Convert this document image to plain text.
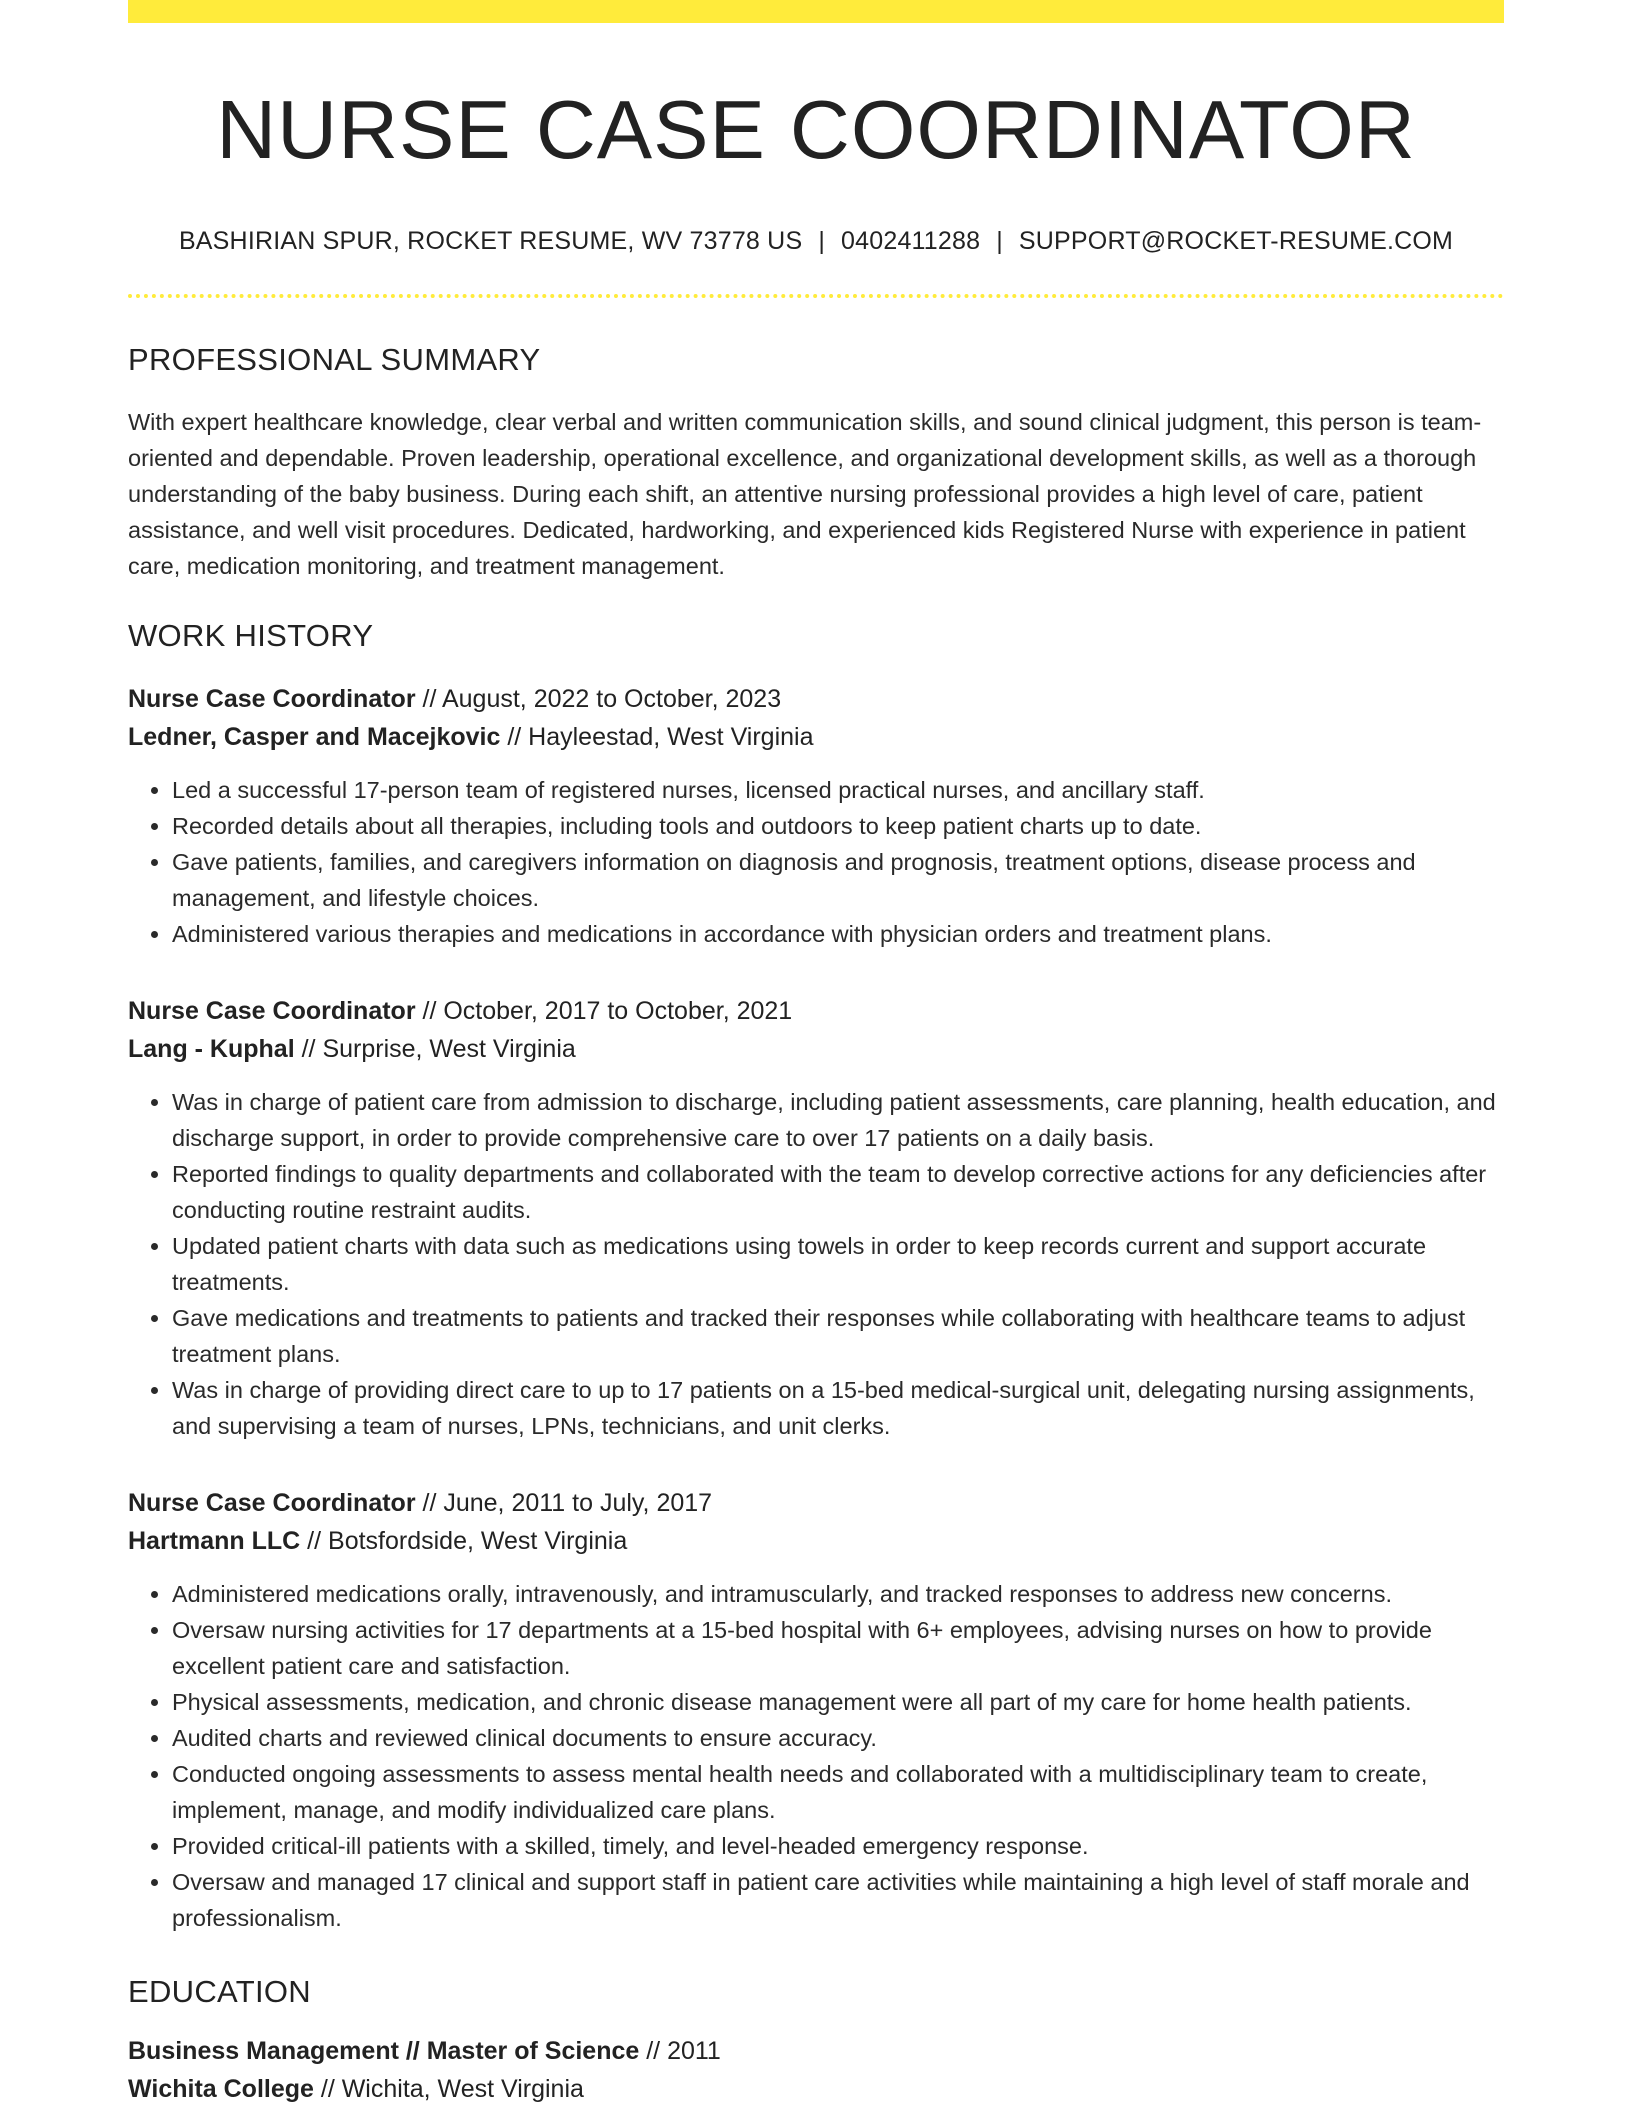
NURSE CASE COORDINATOR
BASHIRIAN SPUR, ROCKET RESUME, WV 73778 US | 0402411288 | SUPPORT@ROCKET-RESUME.COM
PROFESSIONAL SUMMARY

With expert healthcare knowledge, clear verbal and written communication skills, and sound clinical judgment, this person is team-oriented and dependable. Proven leadership, operational excellence, and organizational development skills, as well as a thorough understanding of the baby business. During each shift, an attentive nursing professional provides a high level of care, patient assistance, and well visit procedures. Dedicated, hardworking, and experienced kids Registered Nurse with experience in patient care, medication monitoring, and treatment management.

WORK HISTORY
Nurse Case Coordinator // August, 2022 to October, 2023
Ledner, Casper and Macejkovic // Hayleestad, West Virginia
• Led a successful 17-person team of registered nurses, licensed practical nurses, and ancillary staff.
• Recorded details about all therapies, including tools and outdoors to keep patient charts up to date.
• Gave patients, families, and caregivers information on diagnosis and prognosis, treatment options, disease process and management, and lifestyle choices.
• Administered various therapies and medications in accordance with physician orders and treatment plans.
Nurse Case Coordinator // October, 2017 to October, 2021
Lang - Kuphal // Surprise, West Virginia
• Was in charge of patient care from admission to discharge, including patient assessments, care planning, health education, and discharge support, in order to provide comprehensive care to over 17 patients on a daily basis.
• Reported findings to quality departments and collaborated with the team to develop corrective actions for any deficiencies after conducting routine restraint audits.
• Updated patient charts with data such as medications using towels in order to keep records current and support accurate treatments.
• Gave medications and treatments to patients and tracked their responses while collaborating with healthcare teams to adjust treatment plans.
• Was in charge of providing direct care to up to 17 patients on a 15-bed medical-surgical unit, delegating nursing assignments, and supervising a team of nurses, LPNs, technicians, and unit clerks.
Nurse Case Coordinator // June, 2011 to July, 2017
Hartmann LLC // Botsfordside, West Virginia
• Administered medications orally, intravenously, and intramuscularly, and tracked responses to address new concerns.
• Oversaw nursing activities for 17 departments at a 15-bed hospital with 6+ employees, advising nurses on how to provide excellent patient care and satisfaction.
• Physical assessments, medication, and chronic disease management were all part of my care for home health patients.
• Audited charts and reviewed clinical documents to ensure accuracy.
• Conducted ongoing assessments to assess mental health needs and collaborated with a multidisciplinary team to create, implement, manage, and modify individualized care plans.
• Provided critical-ill patients with a skilled, timely, and level-headed emergency response.
• Oversaw and managed 17 clinical and support staff in patient care activities while maintaining a high level of staff morale and professionalism.
EDUCATION
Business Management // Master of Science // 2011
Wichita College // Wichita, West Virginia
